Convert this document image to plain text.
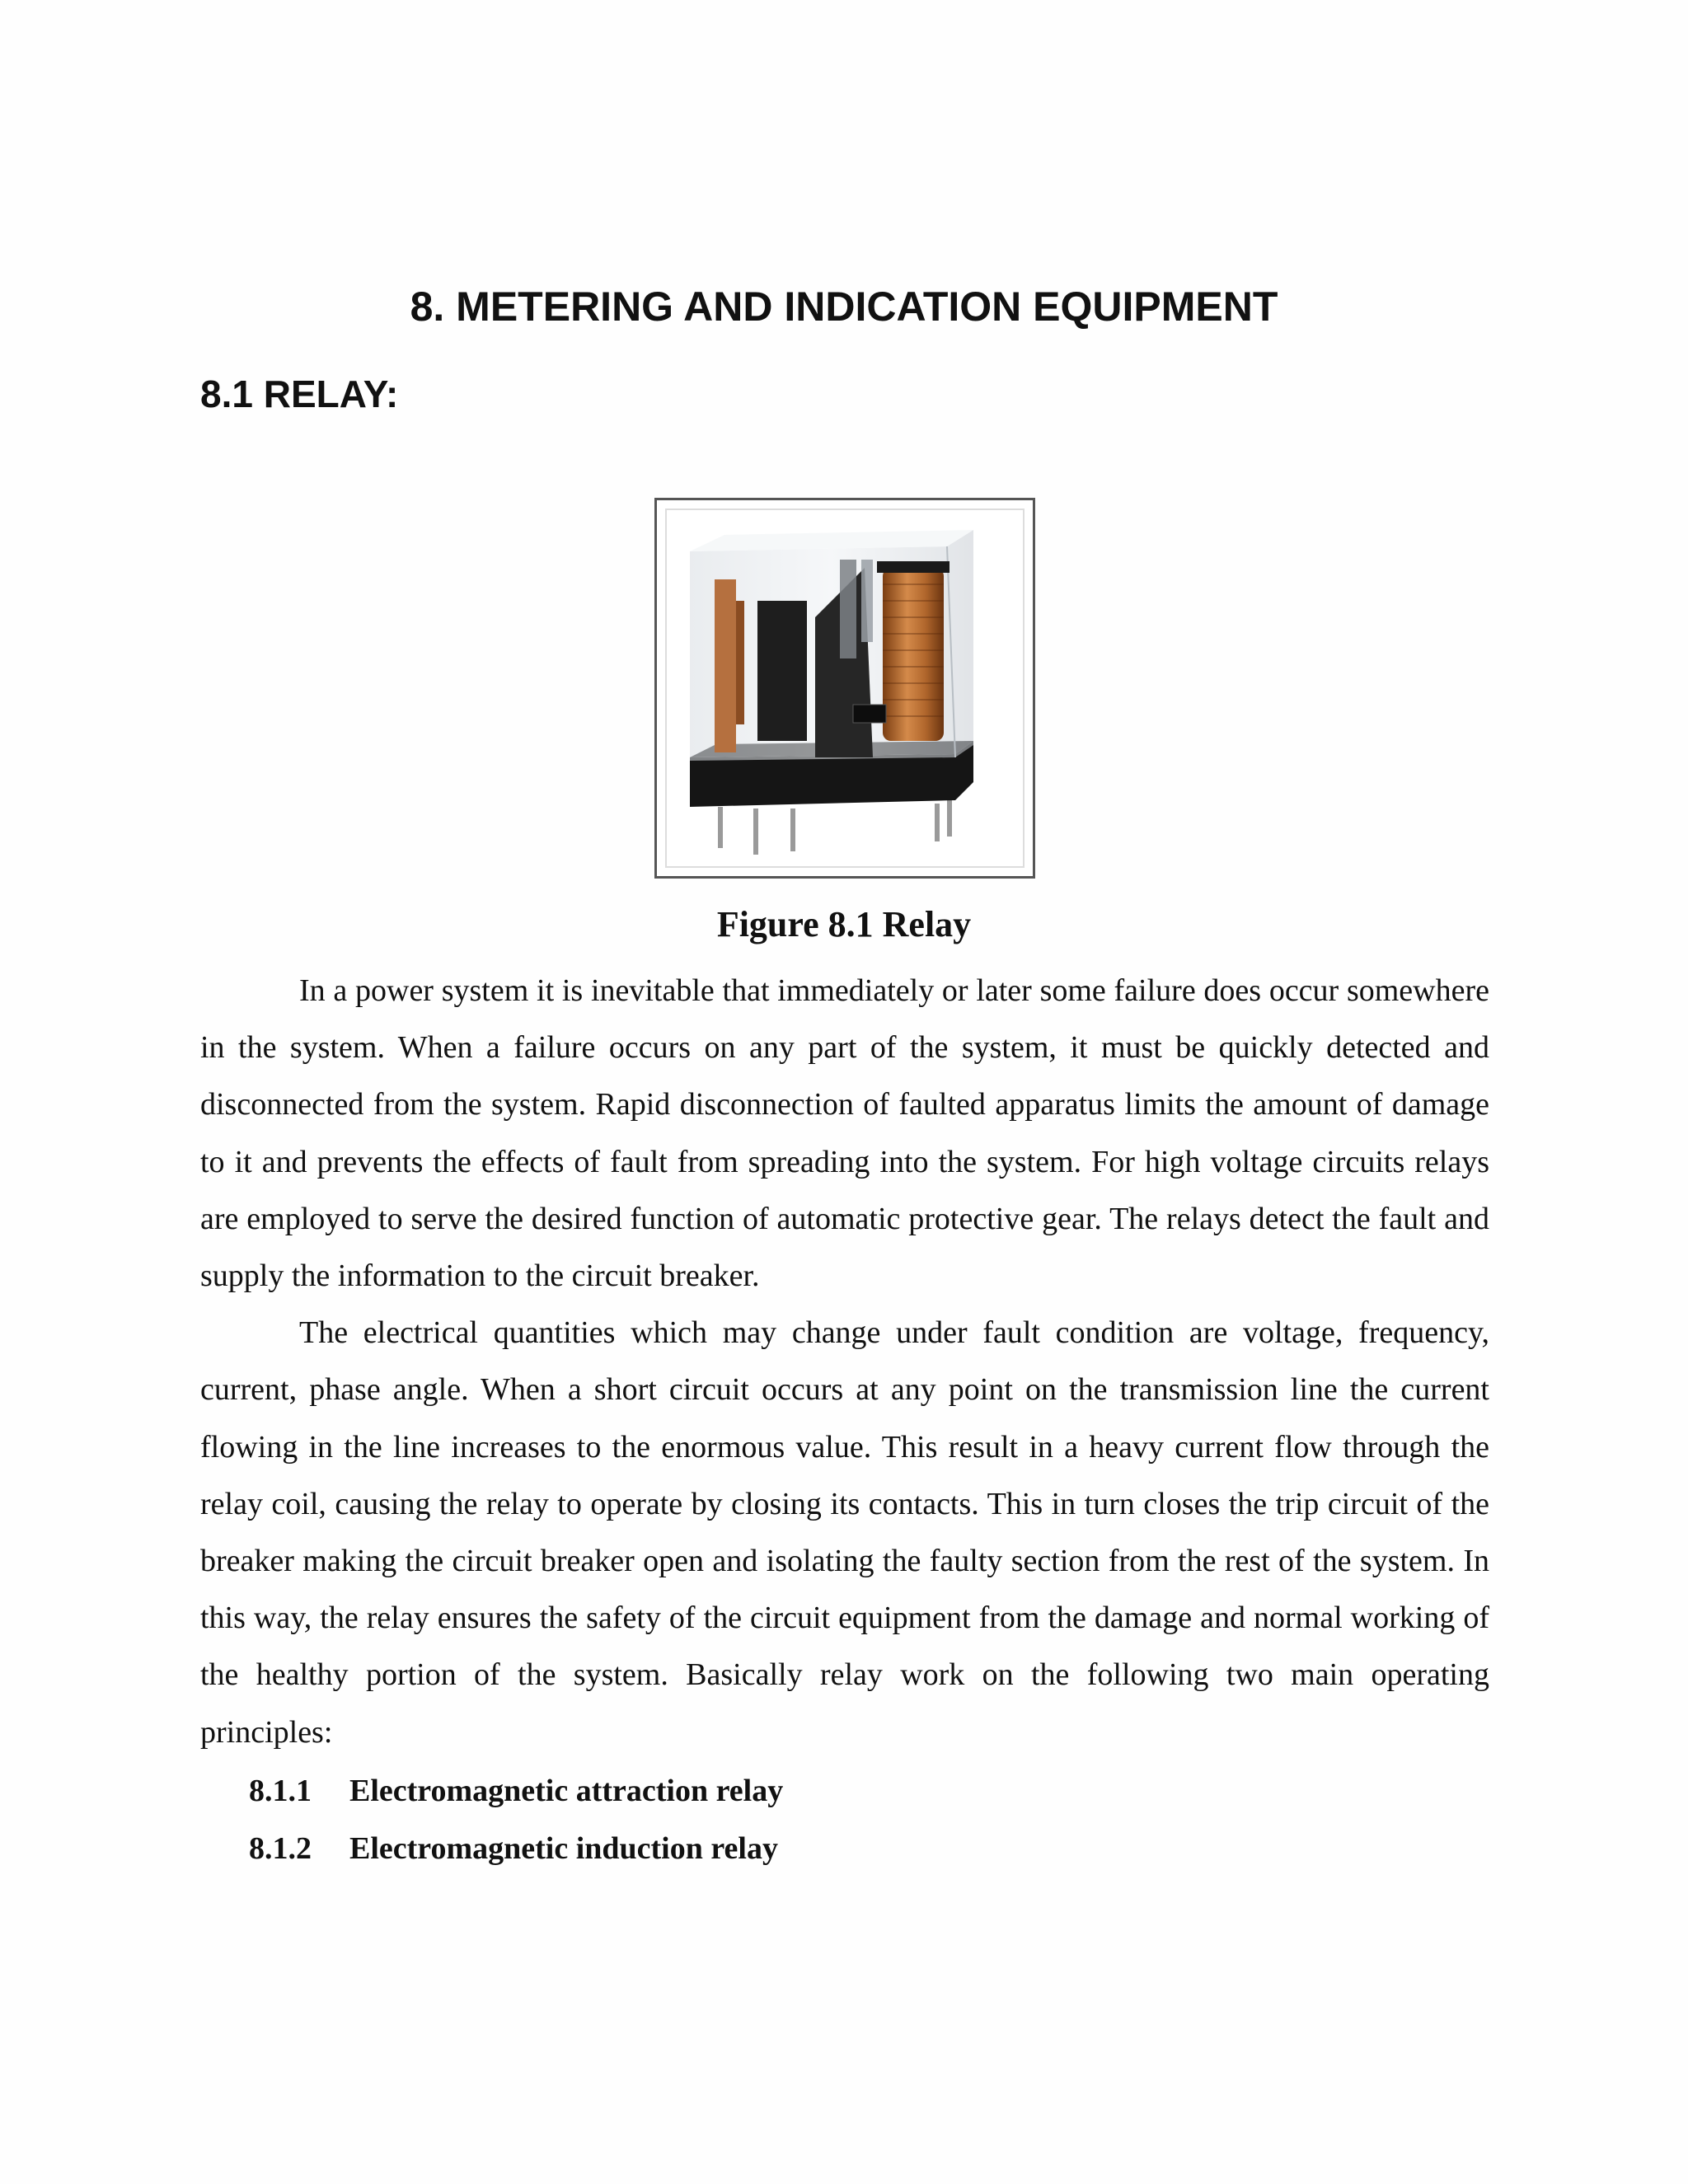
8. METERING AND INDICATION EQUIPMENT
8.1 RELAY:
Figure 8.1 Relay

In a power system it is inevitable that immediately or later some failure does occur somewhere in the system. When a failure occurs on any part of the system, it must be quickly detected and disconnected from the system. Rapid disconnection of faulted apparatus limits the amount of damage to it and prevents the effects of fault from spreading into the system. For high voltage circuits relays are employed to serve the desired function of automatic protective gear. The relays detect the fault and supply the information to the circuit breaker.

The electrical quantities which may change under fault condition are voltage, frequency, current, phase angle. When a short circuit occurs at any point on the transmission line the current flowing in the line increases to the enormous value. This result in a heavy current flow through the relay coil, causing the relay to operate by closing its contacts. This in turn closes the trip circuit of the breaker making the circuit breaker open and isolating the faulty section from the rest of the system. In this way, the relay ensures the safety of the circuit equipment from the damage and normal working of the healthy portion of the system. Basically relay work on the following two main operating principles:

8.1.1	Electromagnetic attraction relay
8.1.2	Electromagnetic induction relay
